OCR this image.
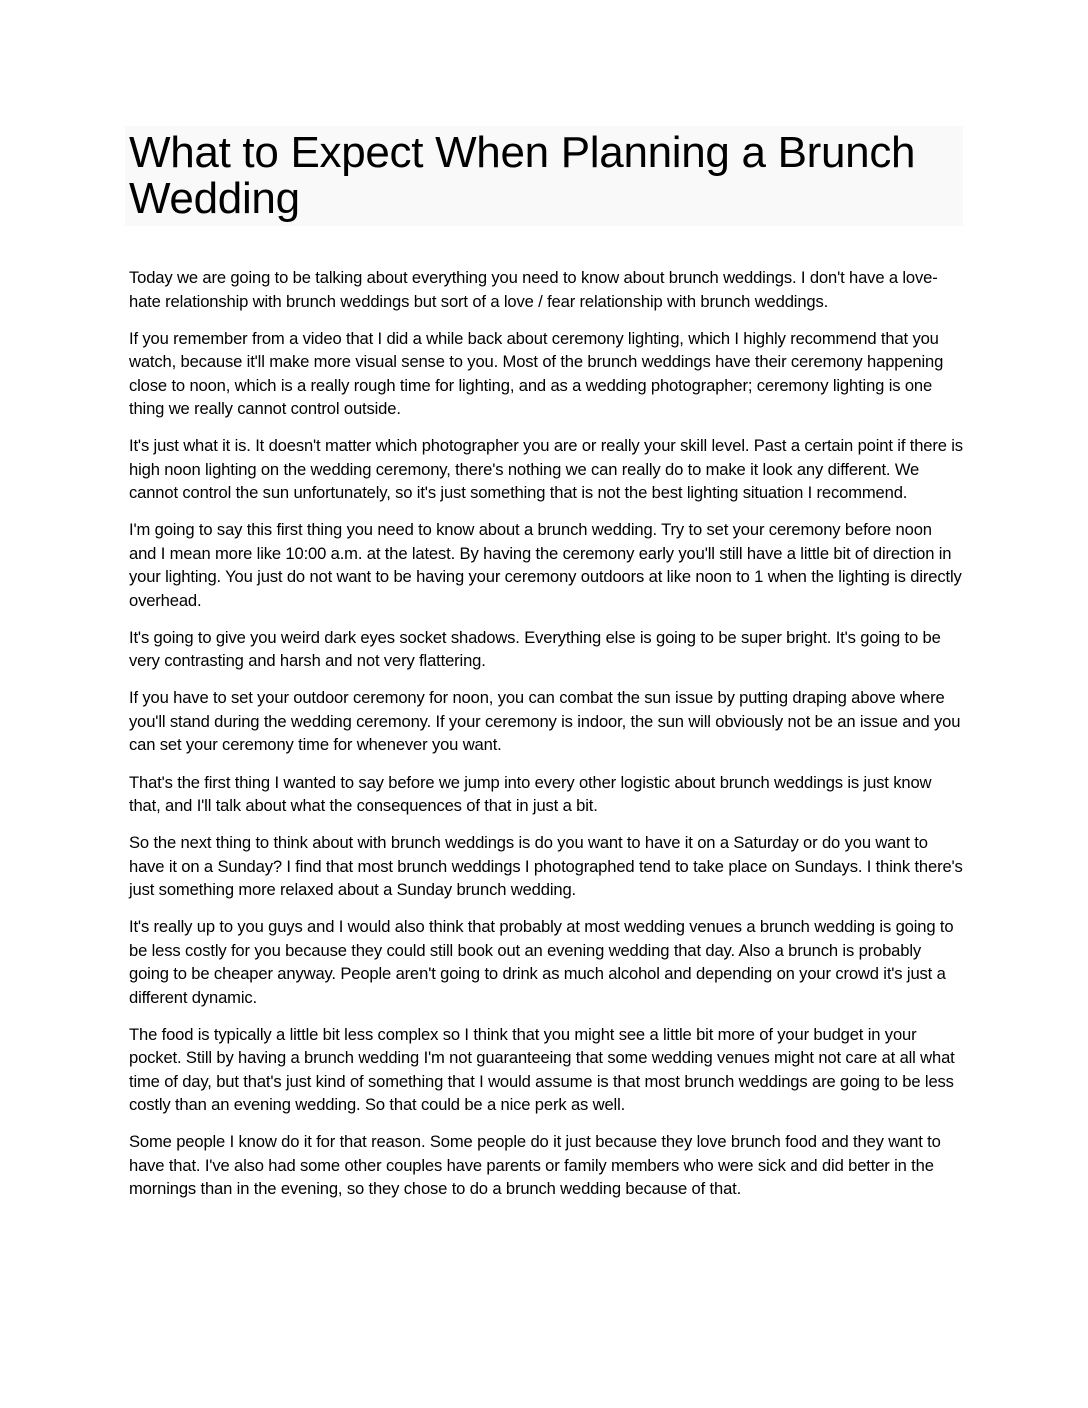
What to Expect When Planning a Brunch Wedding

Today we are going to be talking about everything you need to know about brunch weddings. I don't have a love-hate relationship with brunch weddings but sort of a love / fear relationship with brunch weddings.

If you remember from a video that I did a while back about ceremony lighting, which I highly recommend that you watch, because it'll make more visual sense to you. Most of the brunch weddings have their ceremony happening close to noon, which is a really rough time for lighting, and as a wedding photographer; ceremony lighting is one thing we really cannot control outside.

It's just what it is. It doesn't matter which photographer you are or really your skill level. Past a certain point if there is high noon lighting on the wedding ceremony, there's nothing we can really do to make it look any different. We cannot control the sun unfortunately, so it's just something that is not the best lighting situation I recommend.

I'm going to say this first thing you need to know about a brunch wedding. Try to set your ceremony before noon and I mean more like 10:00 a.m. at the latest. By having the ceremony early you'll still have a little bit of direction in your lighting. You just do not want to be having your ceremony outdoors at like noon to 1 when the lighting is directly overhead.

It's going to give you weird dark eyes socket shadows. Everything else is going to be super bright. It's going to be very contrasting and harsh and not very flattering.

If you have to set your outdoor ceremony for noon, you can combat the sun issue by putting draping above where you'll stand during the wedding ceremony. If your ceremony is indoor, the sun will obviously not be an issue and you can set your ceremony time for whenever you want.

That's the first thing I wanted to say before we jump into every other logistic about brunch weddings is just know that, and I'll talk about what the consequences of that in just a bit.

So the next thing to think about with brunch weddings is do you want to have it on a Saturday or do you want to have it on a Sunday? I find that most brunch weddings I photographed tend to take place on Sundays. I think there's just something more relaxed about a Sunday brunch wedding.

It's really up to you guys and I would also think that probably at most wedding venues a brunch wedding is going to be less costly for you because they could still book out an evening wedding that day. Also a brunch is probably going to be cheaper anyway. People aren't going to drink as much alcohol and depending on your crowd it's just a different dynamic.

The food is typically a little bit less complex so I think that you might see a little bit more of your budget in your pocket. Still by having a brunch wedding I'm not guaranteeing that some wedding venues might not care at all what time of day, but that's just kind of something that I would assume is that most brunch weddings are going to be less costly than an evening wedding. So that could be a nice perk as well.

Some people I know do it for that reason. Some people do it just because they love brunch food and they want to have that. I've also had some other couples have parents or family members who were sick and did better in the mornings than in the evening, so they chose to do a brunch wedding because of that.
